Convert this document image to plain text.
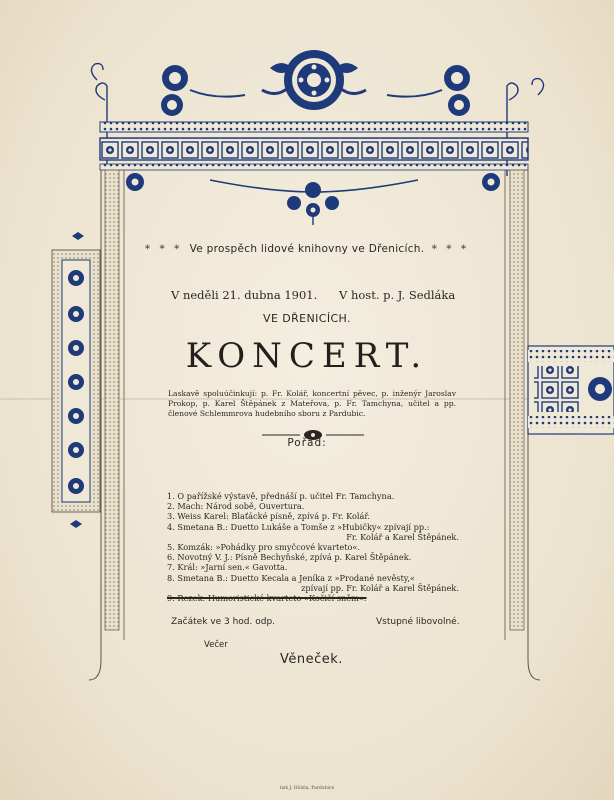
* * * Ve prospěch lidové knihovny ve Dřenicích. * * *
V neděli 21. dubna 1901. V host. p. J. Sedláka
VE DŘENICÍCH.
KONCERT.
Laskavě spoluúčinkují: p. Fr. Kolář, koncertní pěvec, p. inženýr Jaroslav Prokop, p. Karel Štěpánek z Mateřova, p. Fr. Tamchyna, učitel a pp. členové Schlemmrova hudebního sboru z Pardubic.
Pořad:
1. O pařížské výstavě, přednáší p. učitel Fr. Tamchyna.
2. Mach: Národ sobě, Ouvertura.
3. Weiss Karel: Blaťácké písně, zpívá p. Fr. Kolář.
4. Smetana B.: Duetto Lukáše a Tomše z »Hubičky« zpívají pp.:
Fr. Kolář a Karel Štěpánek.
5. Komzák: »Pohádky pro smyčcové kvarteto«.
6. Novotný V. J.: Písně Bechyňské, zpívá p. Karel Štěpánek.
7. Král: »Jarní sen.« Gavotta.
8. Smetana B.: Duetto Kecala a Jeníka z »Prodané nevěsty,«
zpívají pp. Fr. Kolář a Karel Štěpánek.
9. Rezek: Humoristické kvarteto »Kočičí sněm«.
Začátek ve 3 hod. odp.	Vstupné libovolné.
Večer
Věneček.
tisk J. Hölzla, Pardubice
